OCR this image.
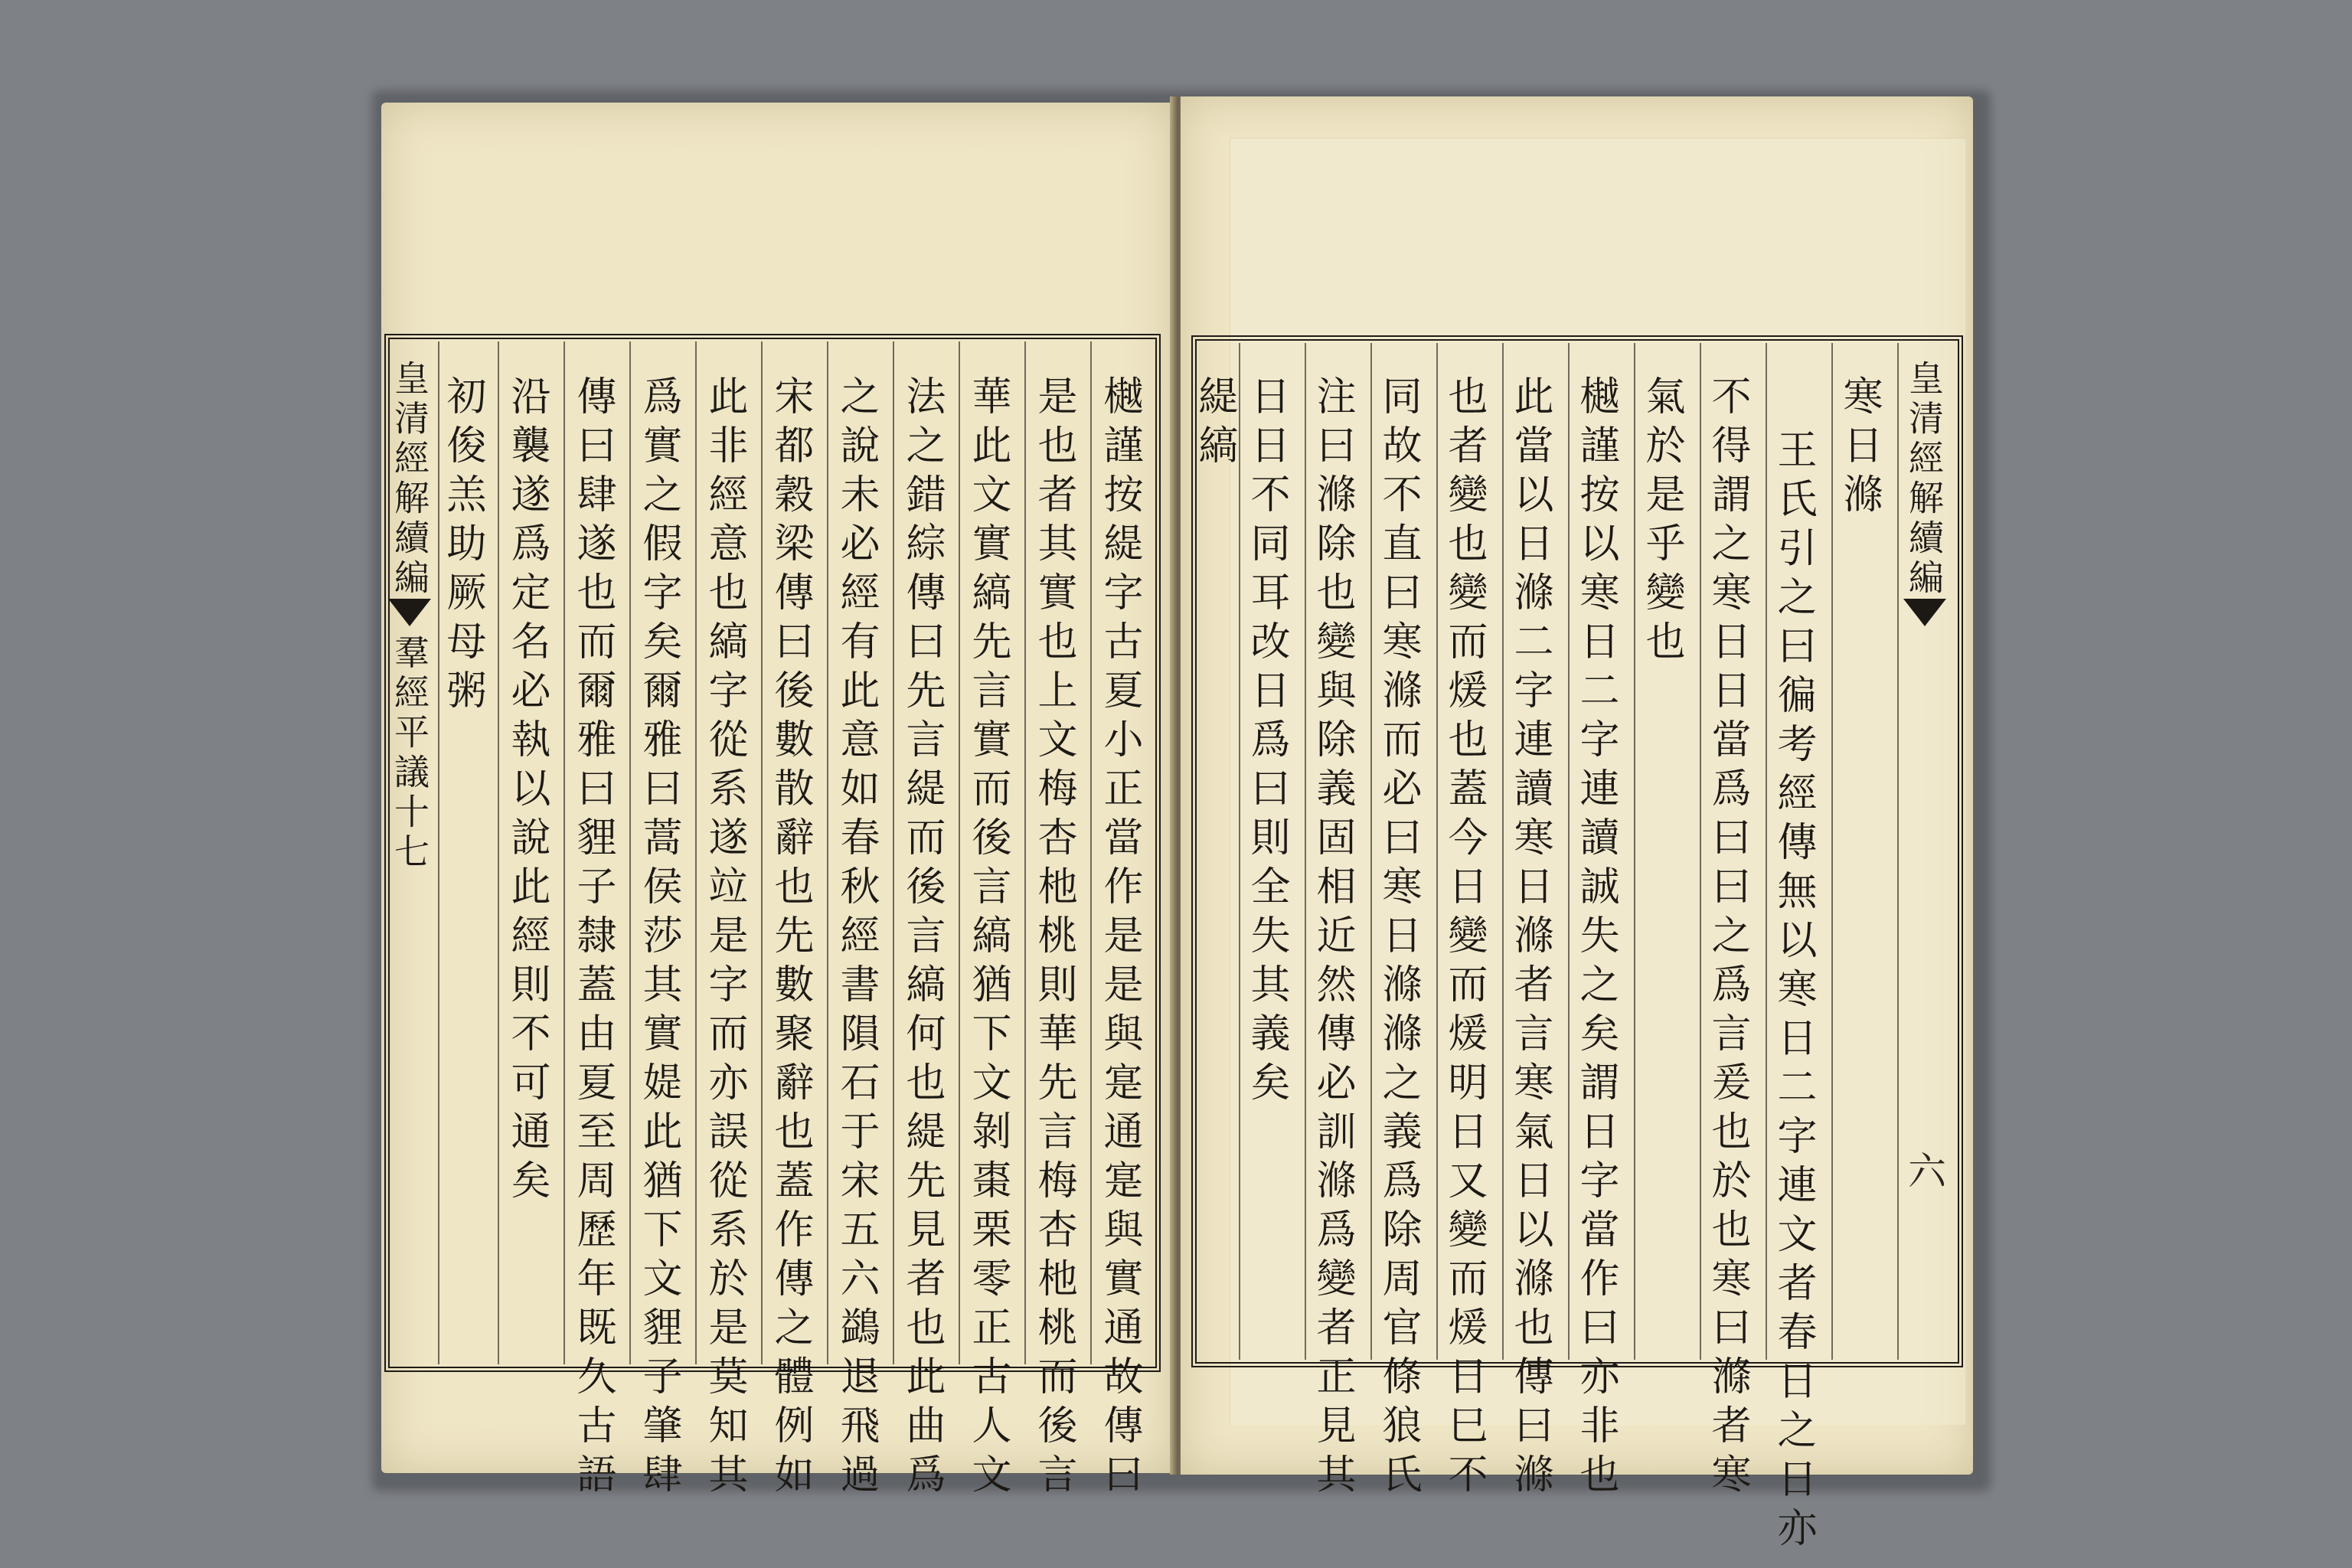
皇清經解續編
羣經平議十七	樾謹按緹字古夏小正當作是是與寔通寔與實通故傳曰
是也者其實也上文梅杏杝桃則華先言梅杏杝桃而後言
華此文實縞先言實而後言縞猶下文剝棗栗零正古人文
法之錯綜傳曰先言緹而後言縞何也緹先見者也此曲爲
之說未必經有此意如春秋經書隕石于宋五六鷁退飛過
宋都穀梁傳曰後數散辭也先數聚辭也蓋作傳之體例如
此非經意也縞字從系遂竝是字而亦誤從系於是莫知其
爲實之假字矣爾雅曰蒿侯莎其實媞此猶下文貍子肇肆
傳曰肆遂也而爾雅曰貍子隸蓋由夏至周歷年既久古語
沿襲遂爲定名必執以說此經則不可通矣
初俊羔助厥母粥	皇清經解續編
六
寒日滌
王氏引之曰徧考經傳無以寒日二字連文者春日之日亦
不得謂之寒日日當爲曰曰之爲言爰也於也寒曰滌者寒
氣於是乎變也
樾謹按以寒日二字連讀誠失之矣謂日字當作曰亦非也
此當以日滌二字連讀寒日滌者言寒氣日以滌也傳曰滌
也者變也變而煖也蓋今日變而煖明日又變而煖日巳不
同故不直曰寒滌而必曰寒日滌滌之義爲除周官條狼氏
注曰滌除也變與除義固相近然傳必訓滌爲變者正見其
日日不同耳改日爲曰則全失其義矣
緹縞
